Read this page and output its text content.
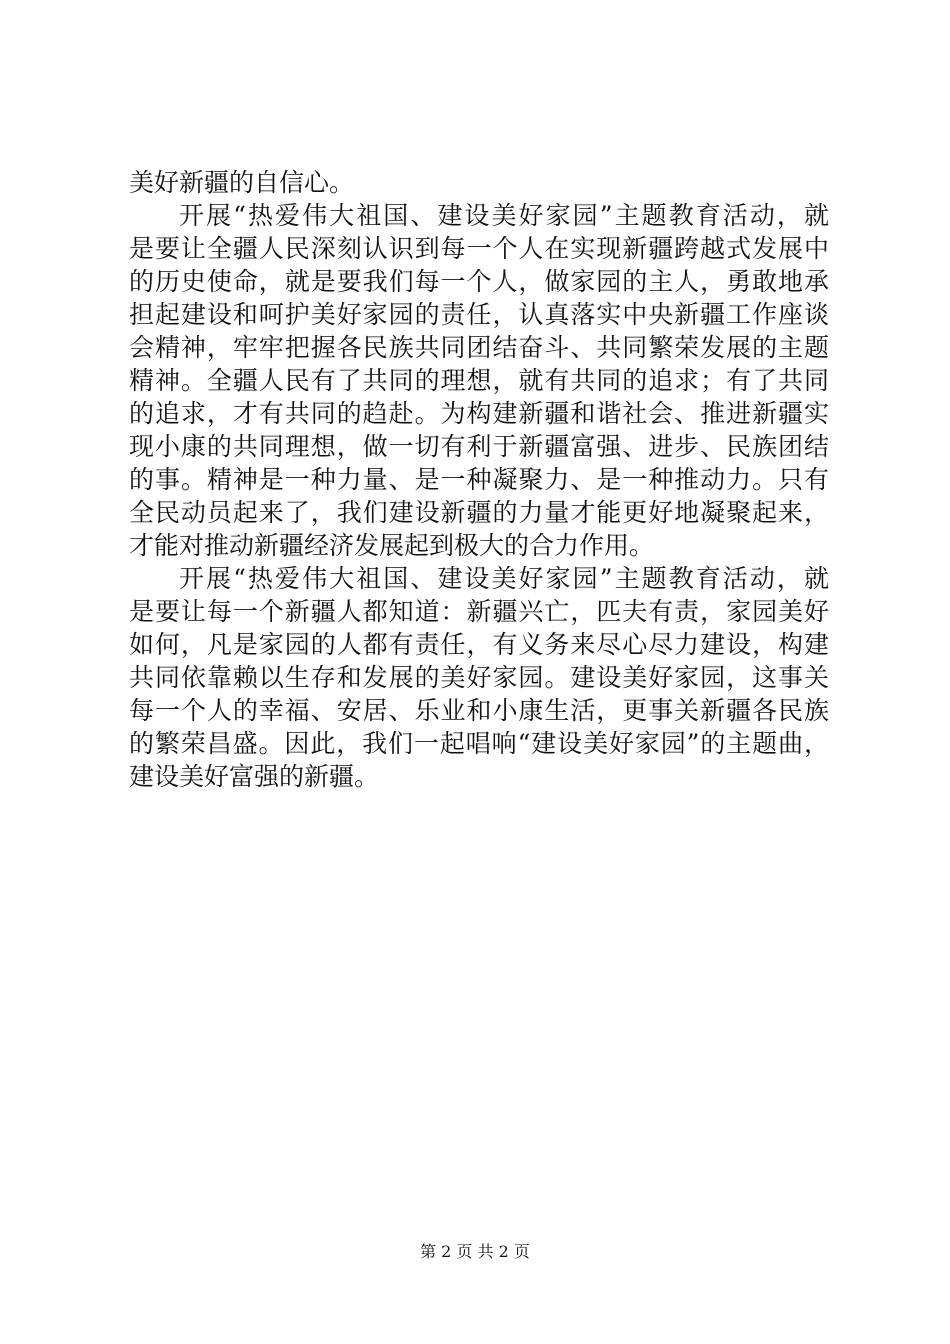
美好新疆的自信心。
开展“热爱伟大祖国、建设美好家园”主题教育活动，就
是要让全疆人民深刻认识到每一个人在实现新疆跨越式发展中
的历史使命，就是要我们每一个人，做家园的主人，勇敢地承
担起建设和呵护美好家园的责任，认真落实中央新疆工作座谈
会精神，牢牢把握各民族共同团结奋斗、共同繁荣发展的主题
精神。全疆人民有了共同的理想，就有共同的追求；有了共同
的追求，才有共同的趋赴。为构建新疆和谐社会、推进新疆实
现小康的共同理想，做一切有利于新疆富强、进步、民族团结
的事。精神是一种力量、是一种凝聚力、是一种推动力。只有
全民动员起来了，我们建设新疆的力量才能更好地凝聚起来，
才能对推动新疆经济发展起到极大的合力作用。
开展“热爱伟大祖国、建设美好家园”主题教育活动，就
是要让每一个新疆人都知道：新疆兴亡，匹夫有责，家园美好
如何，凡是家园的人都有责任，有义务来尽心尽力建设，构建
共同依靠赖以生存和发展的美好家园。建设美好家园，这事关
每一个人的幸福、安居、乐业和小康生活，更事关新疆各民族
的繁荣昌盛。因此，我们一起唱响“建设美好家园”的主题曲，
建设美好富强的新疆。
第 2 页 共 2 页
